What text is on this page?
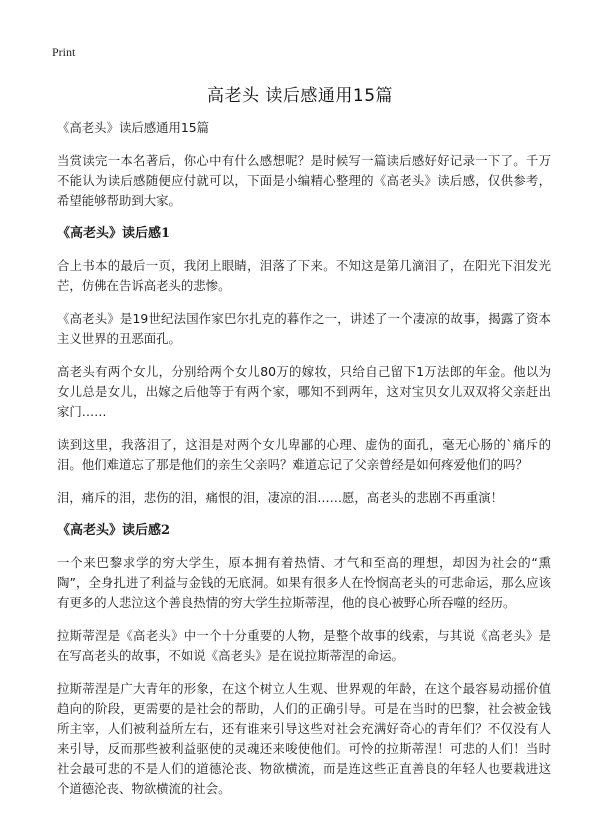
Print
高老头 读后感通用15篇

《高老头》读后感通用15篇

当赏读完一本名著后，你心中有什么感想呢？是时候写一篇读后感好好记录一下了。千万不能认为读后感随便应付就可以，下面是小编精心整理的《高老头》读后感，仅供参考，希望能够帮助到大家。

《高老头》读后感1

合上书本的最后一页，我闭上眼睛，泪落了下来。不知这是第几滴泪了，在阳光下泪发光芒，仿佛在告诉高老头的悲惨。

《高老头》是19世纪法国作家巴尔扎克的暮作之一，讲述了一个凄凉的故事，揭露了资本主义世界的丑恶面孔。

高老头有两个女儿，分别给两个女儿80万的嫁妆，只给自己留下1万法郎的年金。他以为女儿总是女儿，出嫁之后他等于有两个家，哪知不到两年，这对宝贝女儿双双将父亲赶出家门……

读到这里，我落泪了，这泪是对两个女儿卑鄙的心理、虚伪的面孔，毫无心肠的`痛斥的泪。他们难道忘了那是他们的亲生父亲吗？难道忘记了父亲曾经是如何疼爱他们的吗？

泪，痛斥的泪，悲伤的泪，痛恨的泪，凄凉的泪……愿，高老头的悲剧不再重演！

《高老头》读后感2

一个来巴黎求学的穷大学生，原本拥有着热情、才气和至高的理想，却因为社会的“熏陶”，全身扎进了利益与金钱的无底洞。如果有很多人在怜悯高老头的可悲命运，那么应该有更多的人悲泣这个善良热情的穷大学生拉斯蒂涅，他的良心被野心所吞噬的经历。

拉斯蒂涅是《高老头》中一个十分重要的人物，是整个故事的线索，与其说《高老头》是在写高老头的故事，不如说《高老头》是在说拉斯蒂涅的命运。

拉斯蒂涅是广大青年的形象，在这个树立人生观、世界观的年龄，在这个最容易动摇价值趋向的阶段，更需要的是社会的帮助，人们的正确引导。可是在当时的巴黎，社会被金钱所主宰，人们被利益所左右，还有谁来引导这些对社会充满好奇心的青年们？不仅没有人来引导，反而那些被利益驱使的灵魂还来唆使他们。可怜的拉斯蒂涅！可悲的人们！当时社会最可悲的不是人们的道德沦丧、物欲横流，而是连这些正直善良的年轻人也要栽进这个道德沦丧、物欲横流的社会。
